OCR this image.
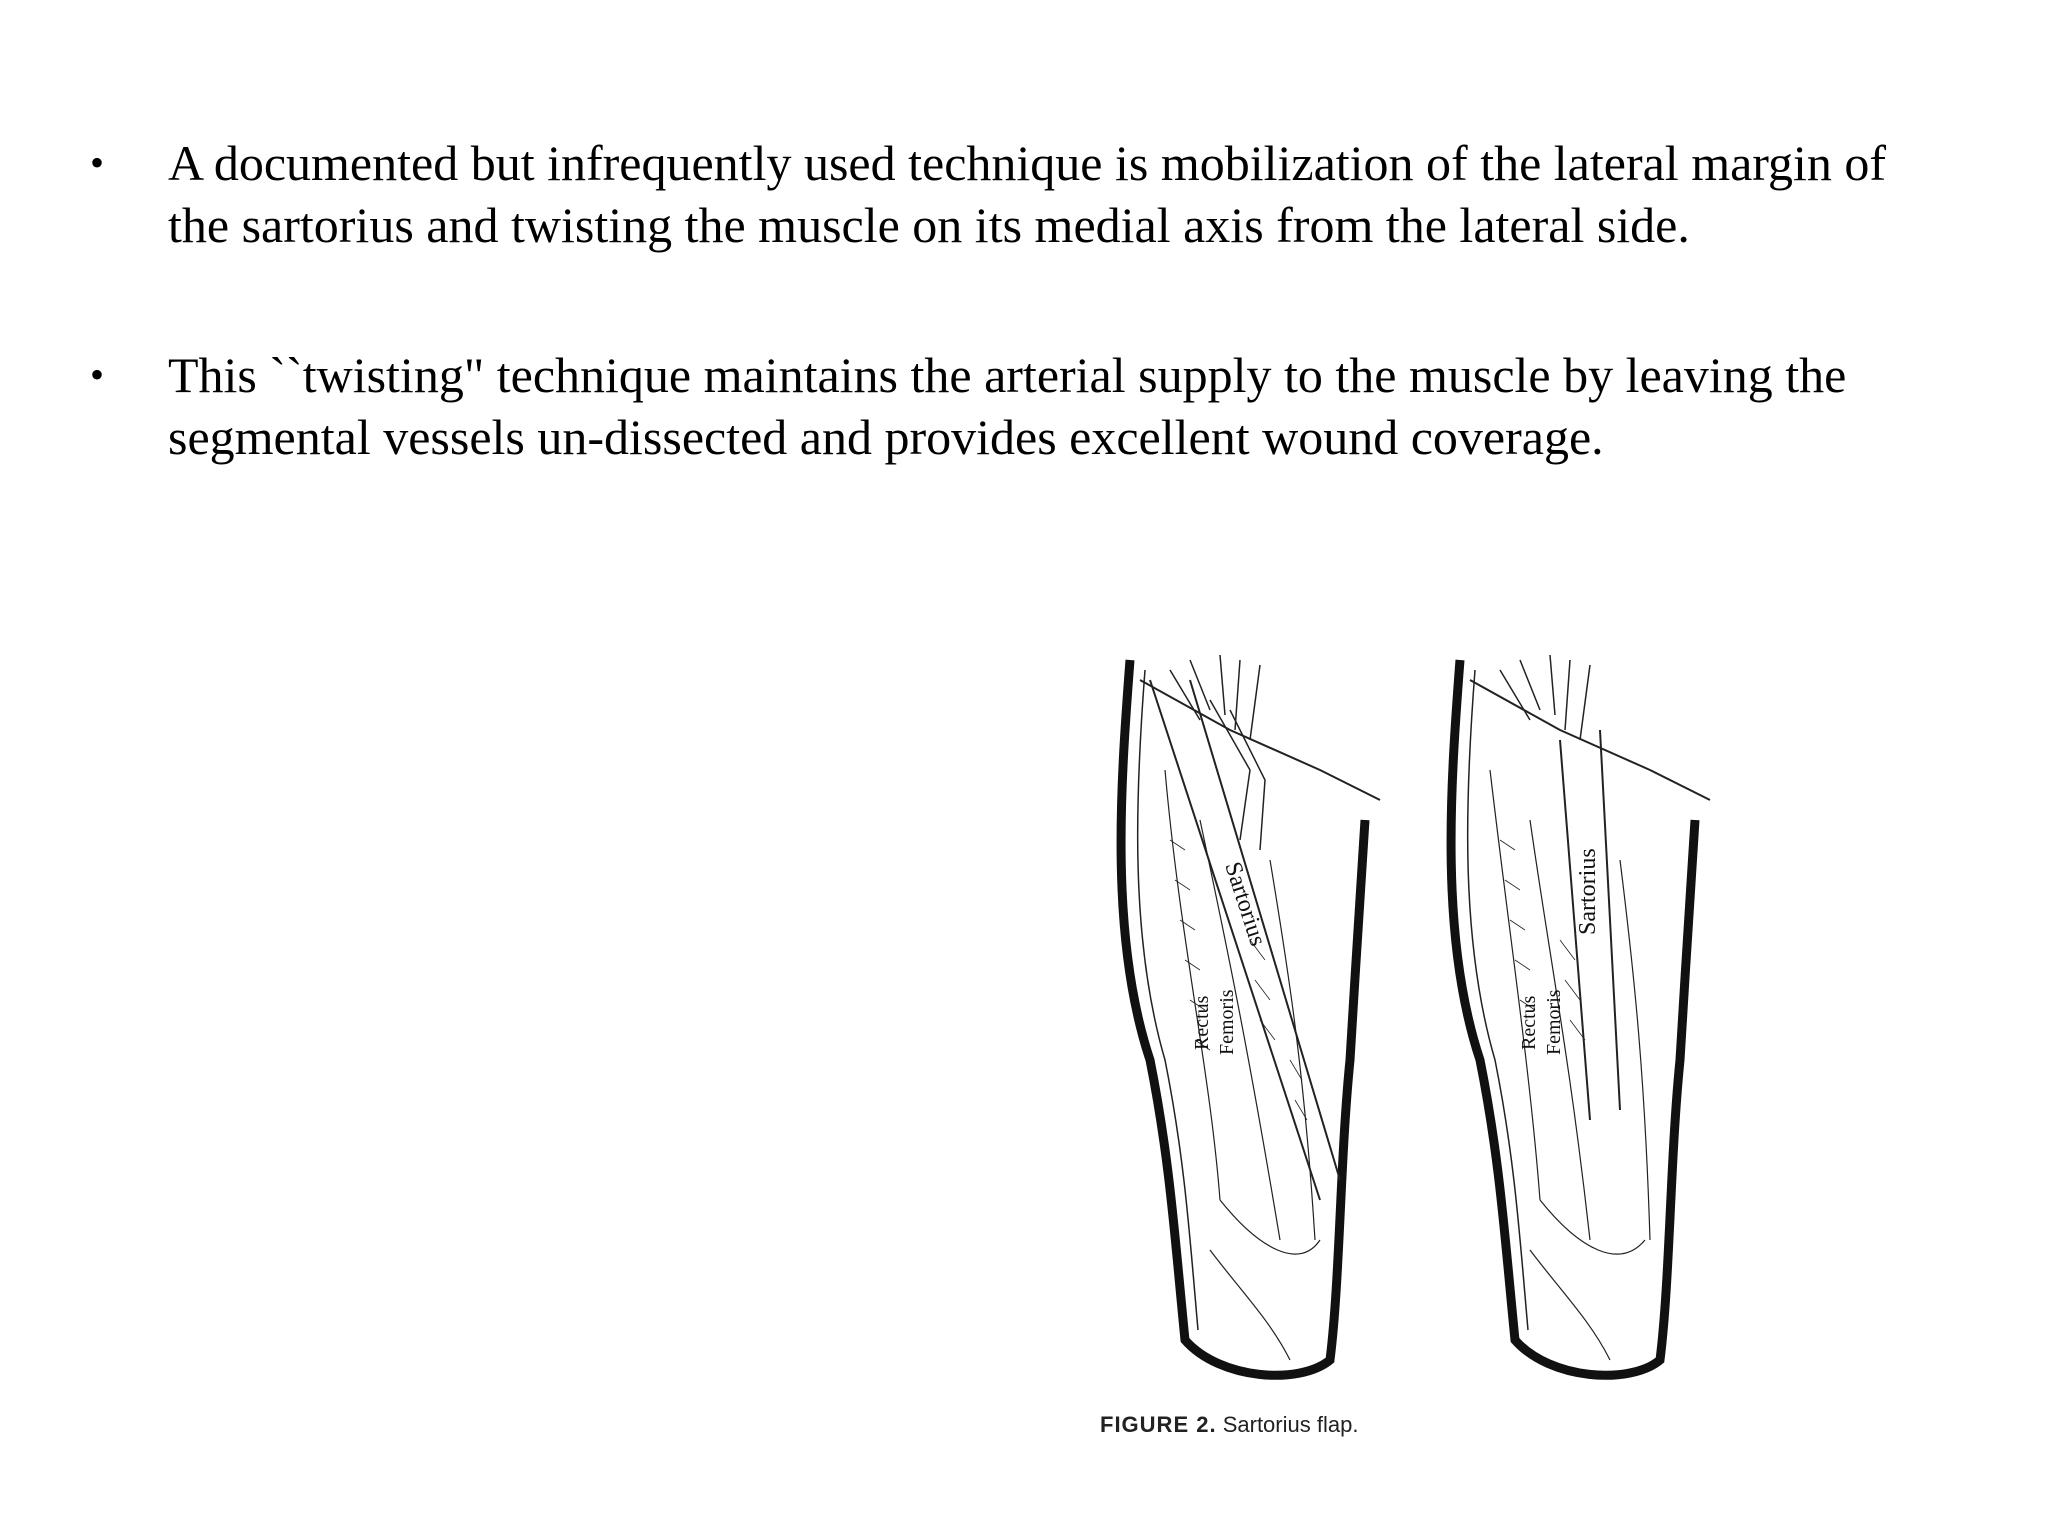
• A documented but infrequently used technique is mobilization of the lateral margin of the sartorius and twisting the muscle on its medial axis from the lateral side.
• This ``twisting" technique maintains the arterial supply to the muscle by leaving the segmental vessels un-dissected and provides excellent wound coverage.
Sartorius
Rectus Femoris
Sartorius
Rectus Femoris
FIGURE 2. Sartorius flap.
